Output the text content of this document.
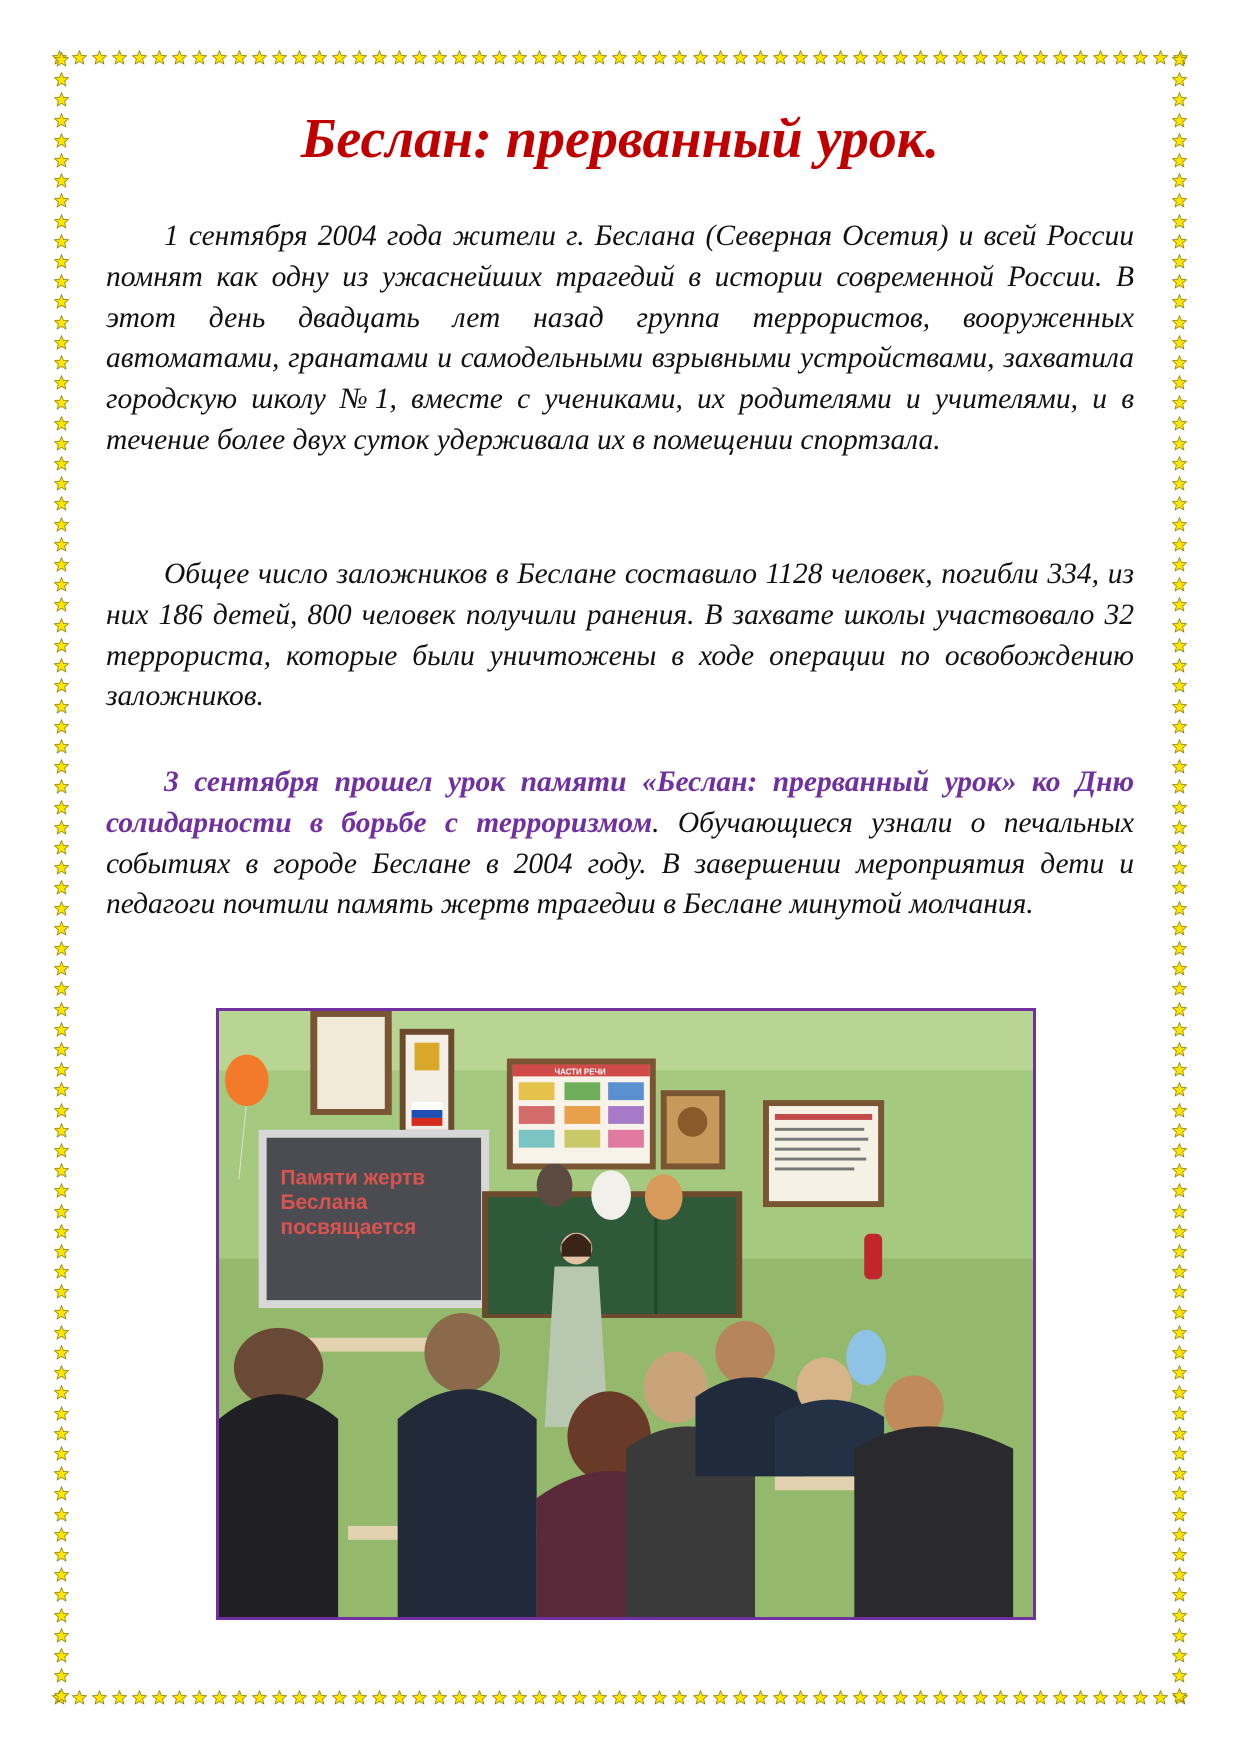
Беслан: прерванный урок.

1 сентября 2004 года жители г. Беслана (Северная Осетия) и всей России помнят как одну из ужаснейших трагедий в истории современной России. В этот день двадцать лет назад группа террористов, вооруженных автоматами, гранатами и самодельными взрывными устройствами, захватила городскую школу №1, вместе с учениками, их родителями и учителями, и в течение более двух суток удерживала их в помещении спортзала.

Общее число заложников в Беслане составило 1128 человек, погибли 334, из них 186 детей, 800 человек получили ранения. В захвате школы участвовало 32 террориста, которые были уничтожены в ходе операции по освобождению заложников.

3 сентября прошел урок памяти «Беслан: прерванный урок» ко Дню солидарности в борьбе с терроризмом. Обучающиеся узнали о печальных событиях в городе Беслане в 2004 году. В завершении мероприятия дети и педагоги почтили память жертв трагедии в Беслане минутой молчания.

ЧАСТИ РЕЧИ
Памяти жертв
Беслана
посвящается
